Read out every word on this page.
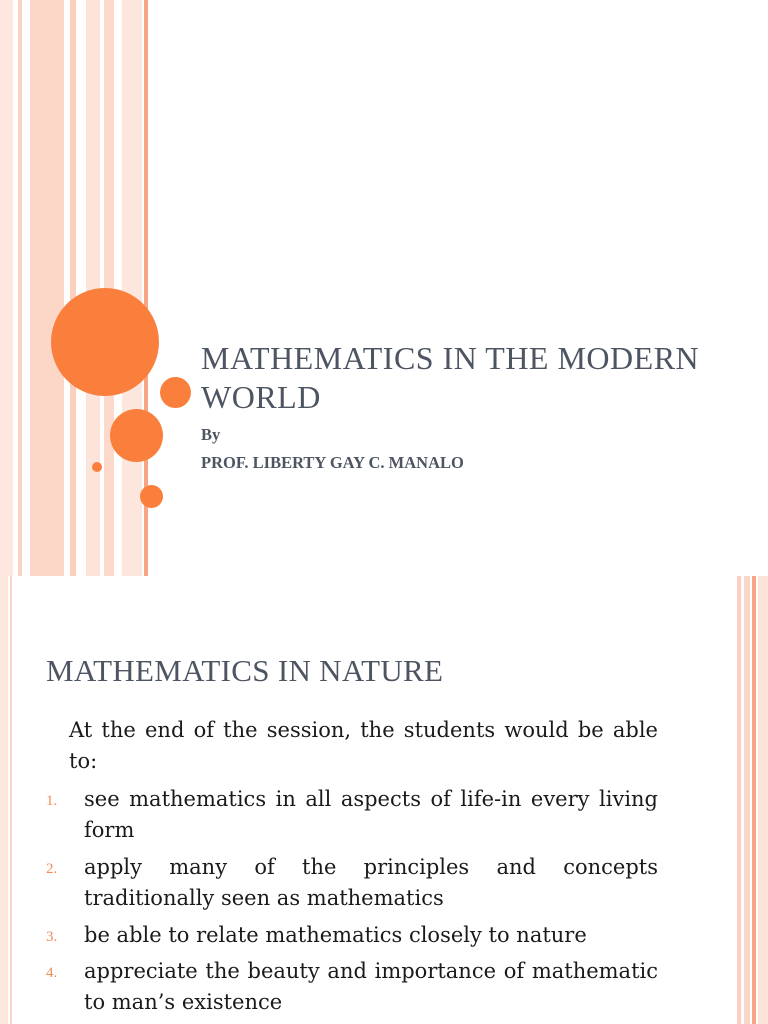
MATHEMATICS IN THE MODERN WORLD

By

PROF. LIBERTY GAY C. MANALO

MATHEMATICS IN NATURE

At the end of the session, the students would be able to:

1. see mathematics in all aspects of life-in every living form
2. apply many of the principles and concepts traditionally seen as mathematics
3. be able to relate mathematics closely to nature
4. appreciate the beauty and importance of mathematic to man’s existence
